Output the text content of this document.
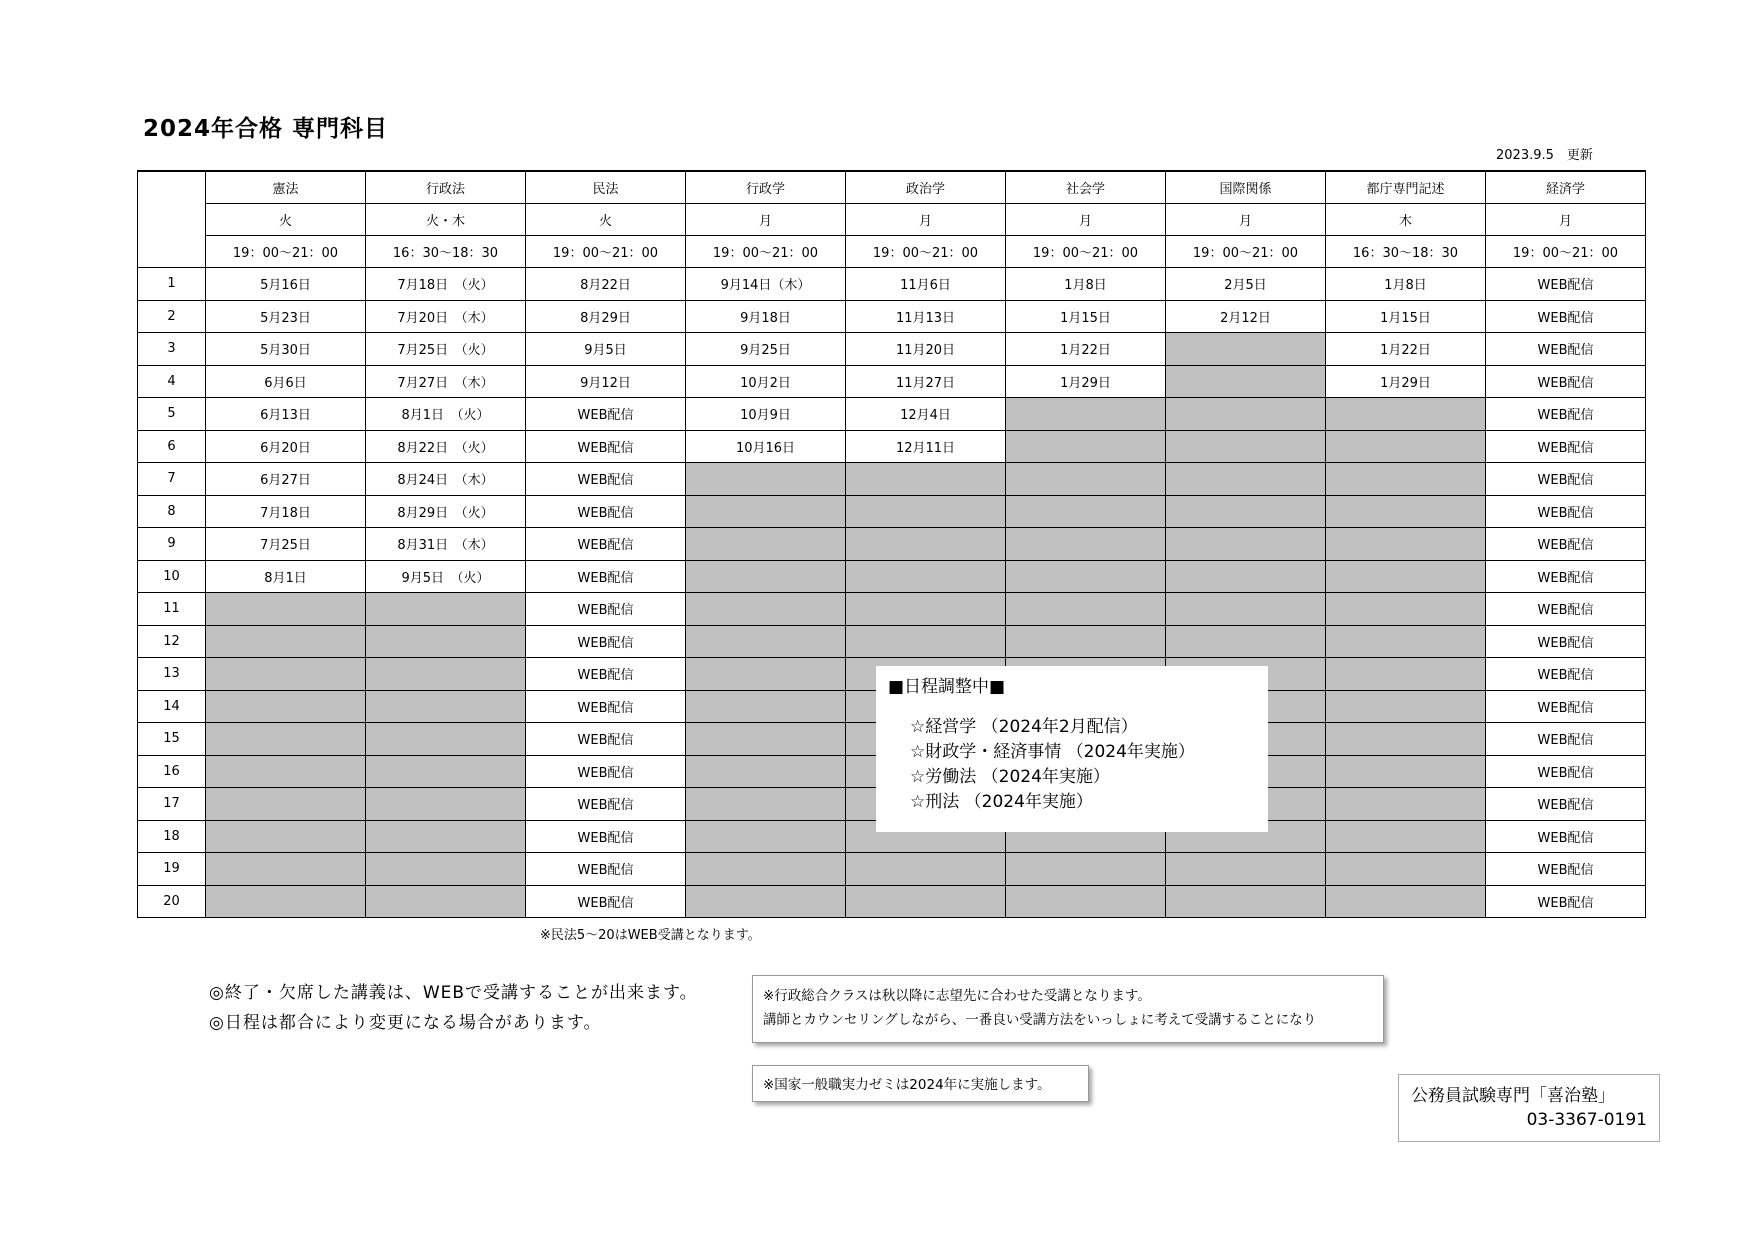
2024年合格 専門科目
2023.9.5　更新
	憲法	行政法	民法	行政学	政治学	社会学	国際関係	都庁専門記述	経済学
	火	火・木	火	月	月	月	月	木	月
	19：00～21：00	16：30～18：30	19：00～21：00	19：00～21：00	19：00～21：00	19：00～21：00	19：00～21：00	16：30～18：30	19：00～21：00
1	5月16日	7月18日　（火）	8月22日	9月14日（木）	11月6日	1月8日	2月5日	1月8日	WEB配信
2	5月23日	7月20日　（木）	8月29日	9月18日	11月13日	1月15日	2月12日	1月15日	WEB配信
3	5月30日	7月25日　（火）	9月5日	9月25日	11月20日	1月22日		1月22日	WEB配信
4	6月6日	7月27日　（木）	9月12日	10月2日	11月27日	1月29日		1月29日	WEB配信
5	6月13日	8月1日　（火）	WEB配信	10月9日	12月4日				WEB配信
6	6月20日	8月22日　（火）	WEB配信	10月16日	12月11日				WEB配信
7	6月27日	8月24日　（木）	WEB配信						WEB配信
8	7月18日	8月29日　（火）	WEB配信						WEB配信
9	7月25日	8月31日　（木）	WEB配信						WEB配信
10	8月1日	9月5日　（火）	WEB配信						WEB配信
11			WEB配信						WEB配信
12			WEB配信						WEB配信
13			WEB配信						WEB配信
14			WEB配信						WEB配信
15			WEB配信						WEB配信
16			WEB配信						WEB配信
17			WEB配信						WEB配信
18			WEB配信						WEB配信
19			WEB配信						WEB配信
20			WEB配信						WEB配信
■日程調整中■
☆経営学 （2024年2月配信）
☆財政学・経済事情 （2024年実施）
☆労働法 （2024年実施）
☆刑法 （2024年実施）
※民法5～20はWEB受講となります。
◎終了・欠席した講義は、WEBで受講することが出来ます。
◎日程は都合により変更になる場合があります。
※行政総合クラスは秋以降に志望先に合わせた受講となります。
講師とカウンセリングしながら、一番良い受講方法をいっしょに考えて受講することになり
※国家一般職実力ゼミは2024年に実施します。
公務員試験専門「喜治塾」
03-3367-0191
